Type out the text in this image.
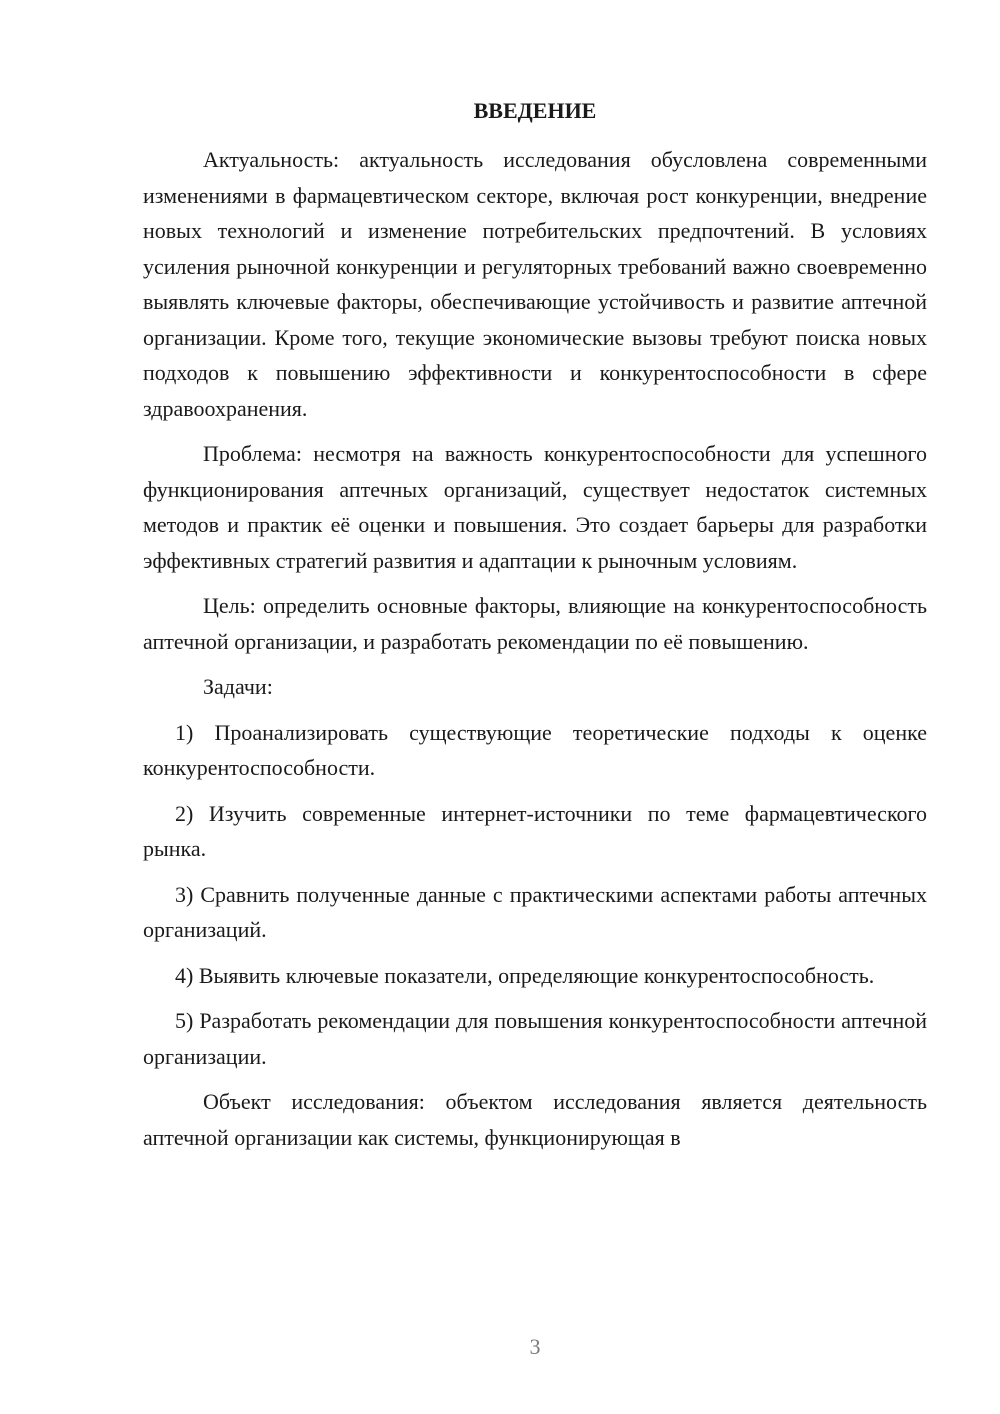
ВВЕДЕНИЕ

Актуальность: актуальность исследования обусловлена современными изменениями в фармацевтическом секторе, включая рост конкуренции, внедрение новых технологий и изменение потребительских предпочтений. В условиях усиления рыночной конкуренции и регуляторных требований важно своевременно выявлять ключевые факторы, обеспечивающие устойчивость и развитие аптечной организации. Кроме того, текущие экономические вызовы требуют поиска новых подходов к повышению эффективности и конкурентоспособности в сфере здравоохранения.

Проблема: несмотря на важность конкурентоспособности для успешного функционирования аптечных организаций, существует недостаток системных методов и практик её оценки и повышения. Это создает барьеры для разработки эффективных стратегий развития и адаптации к рыночным условиям.

Цель: определить основные факторы, влияющие на конкурентоспособность аптечной организации, и разработать рекомендации по её повышению.

Задачи:

1) Проанализировать существующие теоретические подходы к оценке конкурентоспособности.

2) Изучить современные интернет-источники по теме фармацевтического рынка.

3) Сравнить полученные данные с практическими аспектами работы аптечных организаций.

4) Выявить ключевые показатели, определяющие конкурентоспособность.

5) Разработать рекомендации для повышения конкурентоспособности аптечной организации.

Объект исследования: объектом исследования является деятельность аптечной организации как системы, функционирующая в

3
